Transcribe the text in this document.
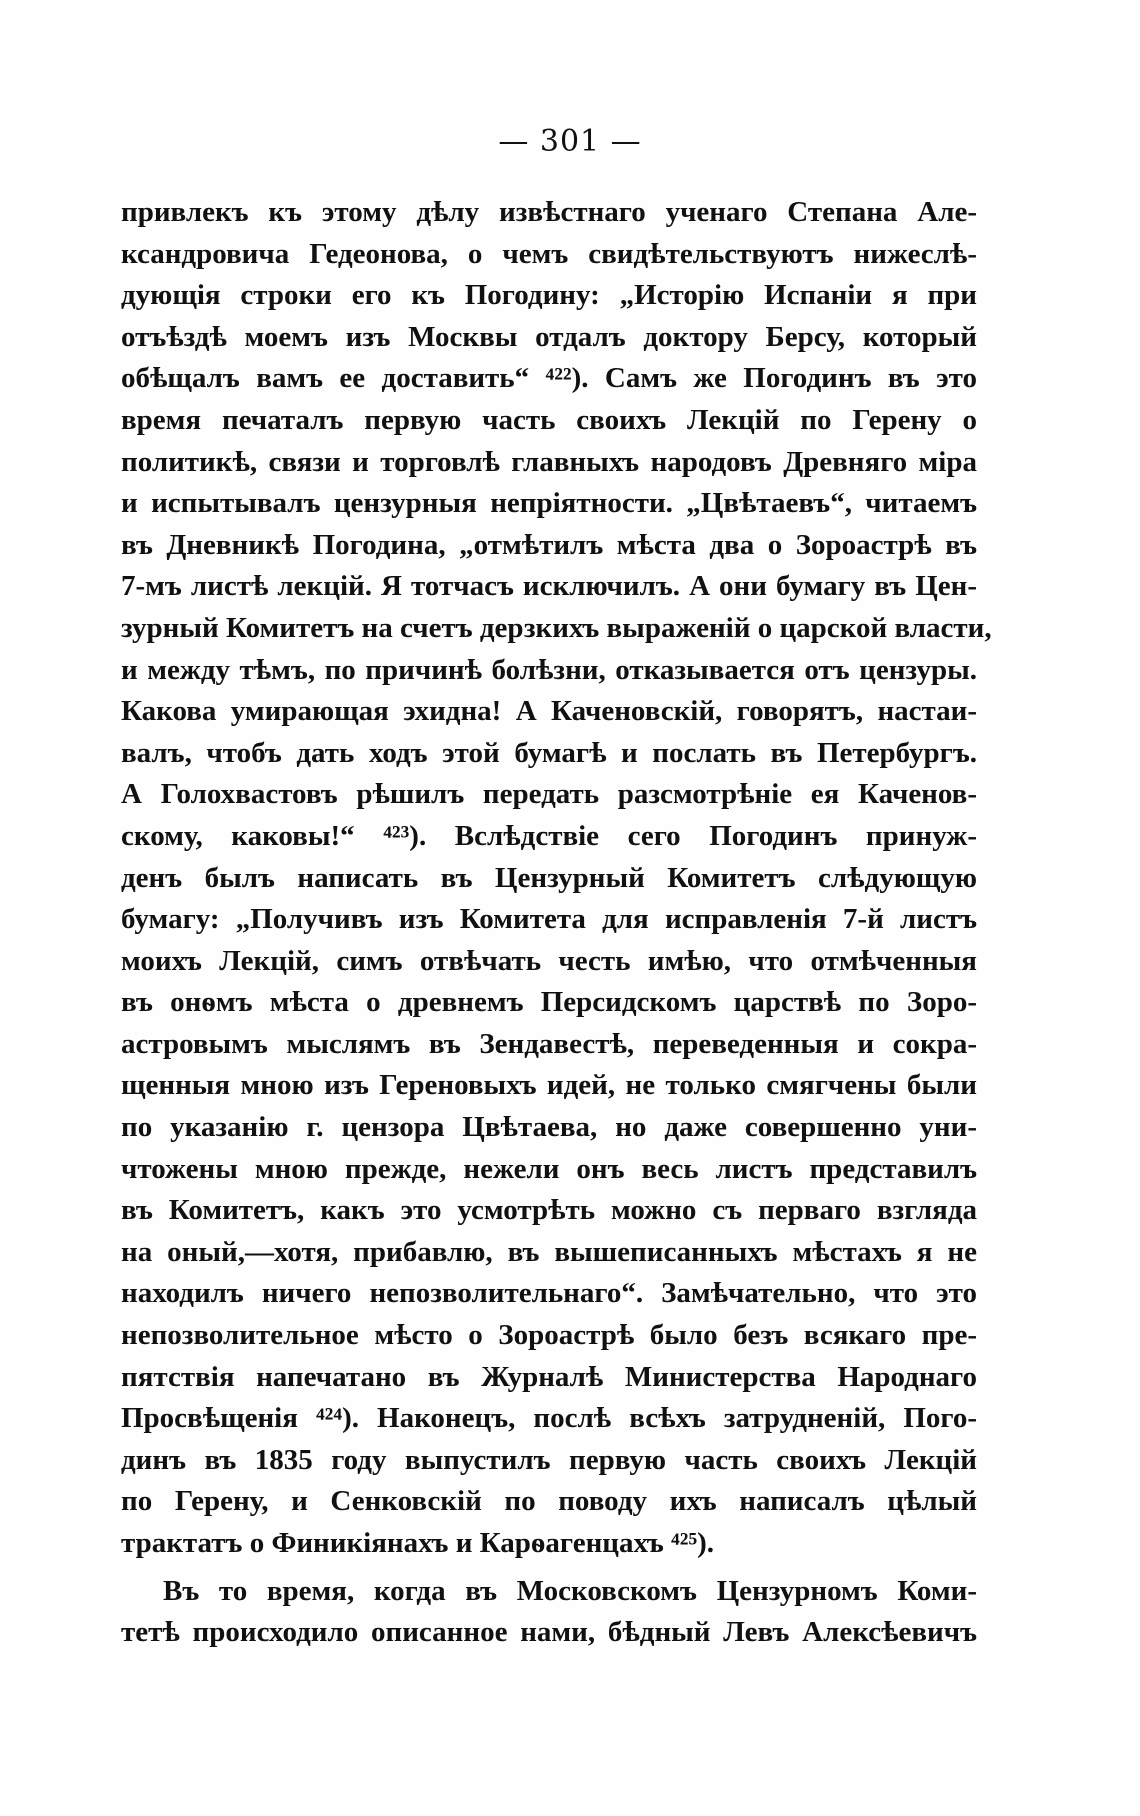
— 301 —
привлекъ къ этому дѣлу извѣстнаго ученаго Степана Але-
ксандровича Гедеонова, о чемъ свидѣтельствуютъ нижеслѣ-
дующія строки его къ Погодину: „Исторію Испаніи я при
отъѣздѣ моемъ изъ Москвы отдалъ доктору Берсу, который
обѣщалъ вамъ ее доставить“ ⁴²²). Самъ же Погодинъ въ это
время печаталъ первую часть своихъ Лекцій по Герену о
политикѣ, связи и торговлѣ главныхъ народовъ Древняго міра
и испытывалъ цензурныя непріятности. „Цвѣтаевъ“, читаемъ
въ Дневникѣ Погодина, „отмѣтилъ мѣста два о Зороастрѣ въ
7-мъ листѣ лекцій. Я тотчасъ исключилъ. А они бумагу въ Цен-
зурный Комитетъ на счетъ дерзкихъ выраженій о царской власти,
и между тѣмъ, по причинѣ болѣзни, отказывается отъ цензуры.
Какова умирающая эхидна! А Каченовскій, говорятъ, настаи-
валъ, чтобъ дать ходъ этой бумагѣ и послать въ Петербургъ.
А Голохвастовъ рѣшилъ передать разсмотрѣніе ея Каченов-
скому, каковы!“ ⁴²³). Вслѣдствіе сего Погодинъ принуж-
денъ былъ написать въ Цензурный Комитетъ слѣдующую
бумагу: „Получивъ изъ Комитета для исправленія 7-й листъ
моихъ Лекцій, симъ отвѣчать честь имѣю, что отмѣченныя
въ онѳмъ мѣста о древнемъ Персидскомъ царствѣ по Зоро-
астровымъ мыслямъ въ Зендавестѣ, переведенныя и сокра-
щенныя мною изъ Гереновыхъ идей, не только смягчены были
по указанію г. цензора Цвѣтаева, но даже совершенно уни-
чтожены мною прежде, нежели онъ весь листъ представилъ
въ Комитетъ, какъ это усмотрѣть можно съ перваго взгляда
на оный,—хотя, прибавлю, въ вышеписанныхъ мѣстахъ я не
находилъ ничего непозволительнаго“. Замѣчательно, что это
непозволительное мѣсто о Зороастрѣ было безъ всякаго пре-
пятствія напечатано въ Журналѣ Министерства Народнаго
Просвѣщенія ⁴²⁴). Наконецъ, послѣ всѣхъ затрудненій, Пого-
динъ въ 1835 году выпустилъ первую часть своихъ Лекцій
по Герену, и Сенковскій по поводу ихъ написалъ цѣлый
трактатъ о Финикіянахъ и Карѳагенцахъ ⁴²⁵).
Въ то время, когда въ Московскомъ Цензурномъ Коми-
тетѣ происходило описанное нами, бѣдный Левъ Алексѣевичъ
